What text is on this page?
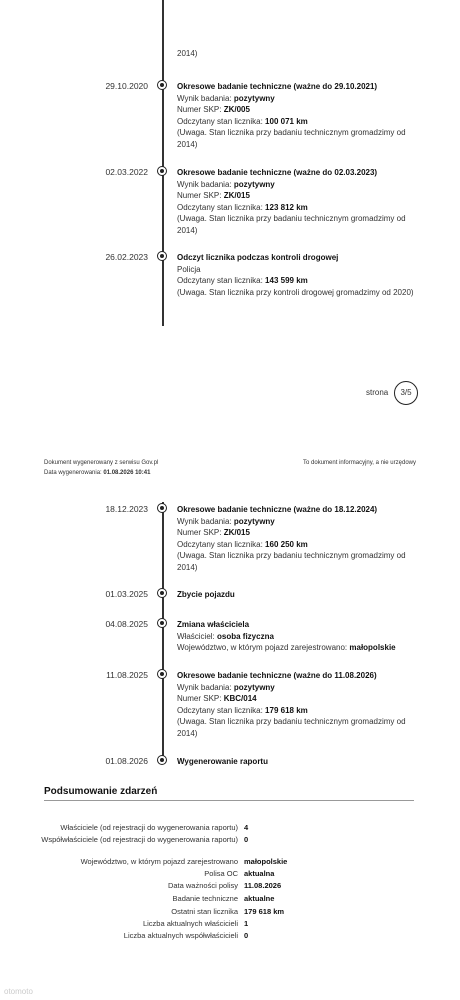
2014)
29.10.2020	Okresowe badanie techniczne (ważne do 29.10.2021)
Wynik badania: pozytywny
Numer SKP: ZK/005
Odczytany stan licznika: 100 071 km
(Uwaga. Stan licznika przy badaniu technicznym gromadzimy od 2014)
02.03.2022	Okresowe badanie techniczne (ważne do 02.03.2023)
Wynik badania: pozytywny
Numer SKP: ZK/015
Odczytany stan licznika: 123 812 km
(Uwaga. Stan licznika przy badaniu technicznym gromadzimy od 2014)
26.02.2023	Odczyt licznika podczas kontroli drogowej
Policja
Odczytany stan licznika: 143 599 km
(Uwaga. Stan licznika przy kontroli drogowej gromadzimy od 2020)
strona	3/5
Dokument wygenerowany z serwisu Gov.pl
Data wygenerowania: 01.08.2026 10:41
To dokument informacyjny, a nie urzędowy
18.12.2023	Okresowe badanie techniczne (ważne do 18.12.2024)
Wynik badania: pozytywny
Numer SKP: ZK/015
Odczytany stan licznika: 160 250 km
(Uwaga. Stan licznika przy badaniu technicznym gromadzimy od 2014)
01.03.2025	Zbycie pojazdu
04.08.2025	Zmiana właściciela
Właściciel: osoba fizyczna
Województwo, w którym pojazd zarejestrowano: małopolskie
11.08.2025	Okresowe badanie techniczne (ważne do 11.08.2026)
Wynik badania: pozytywny
Numer SKP: KBC/014
Odczytany stan licznika: 179 618 km
(Uwaga. Stan licznika przy badaniu technicznym gromadzimy od 2014)
01.08.2026	Wygenerowanie raportu
Podsumowanie zdarzeń
Właściciele (od rejestracji do wygenerowania raportu) 4
Współwłaściciele (od rejestracji do wygenerowania raportu) 0
Województwo, w którym pojazd zarejestrowano małopolskie
Polisa OC aktualna
Data ważności polisy 11.08.2026
Badanie techniczne aktualne
Ostatni stan licznika 179 618 km
Liczba aktualnych właścicieli 1
Liczba aktualnych współwłaścicieli 0
otomoto
